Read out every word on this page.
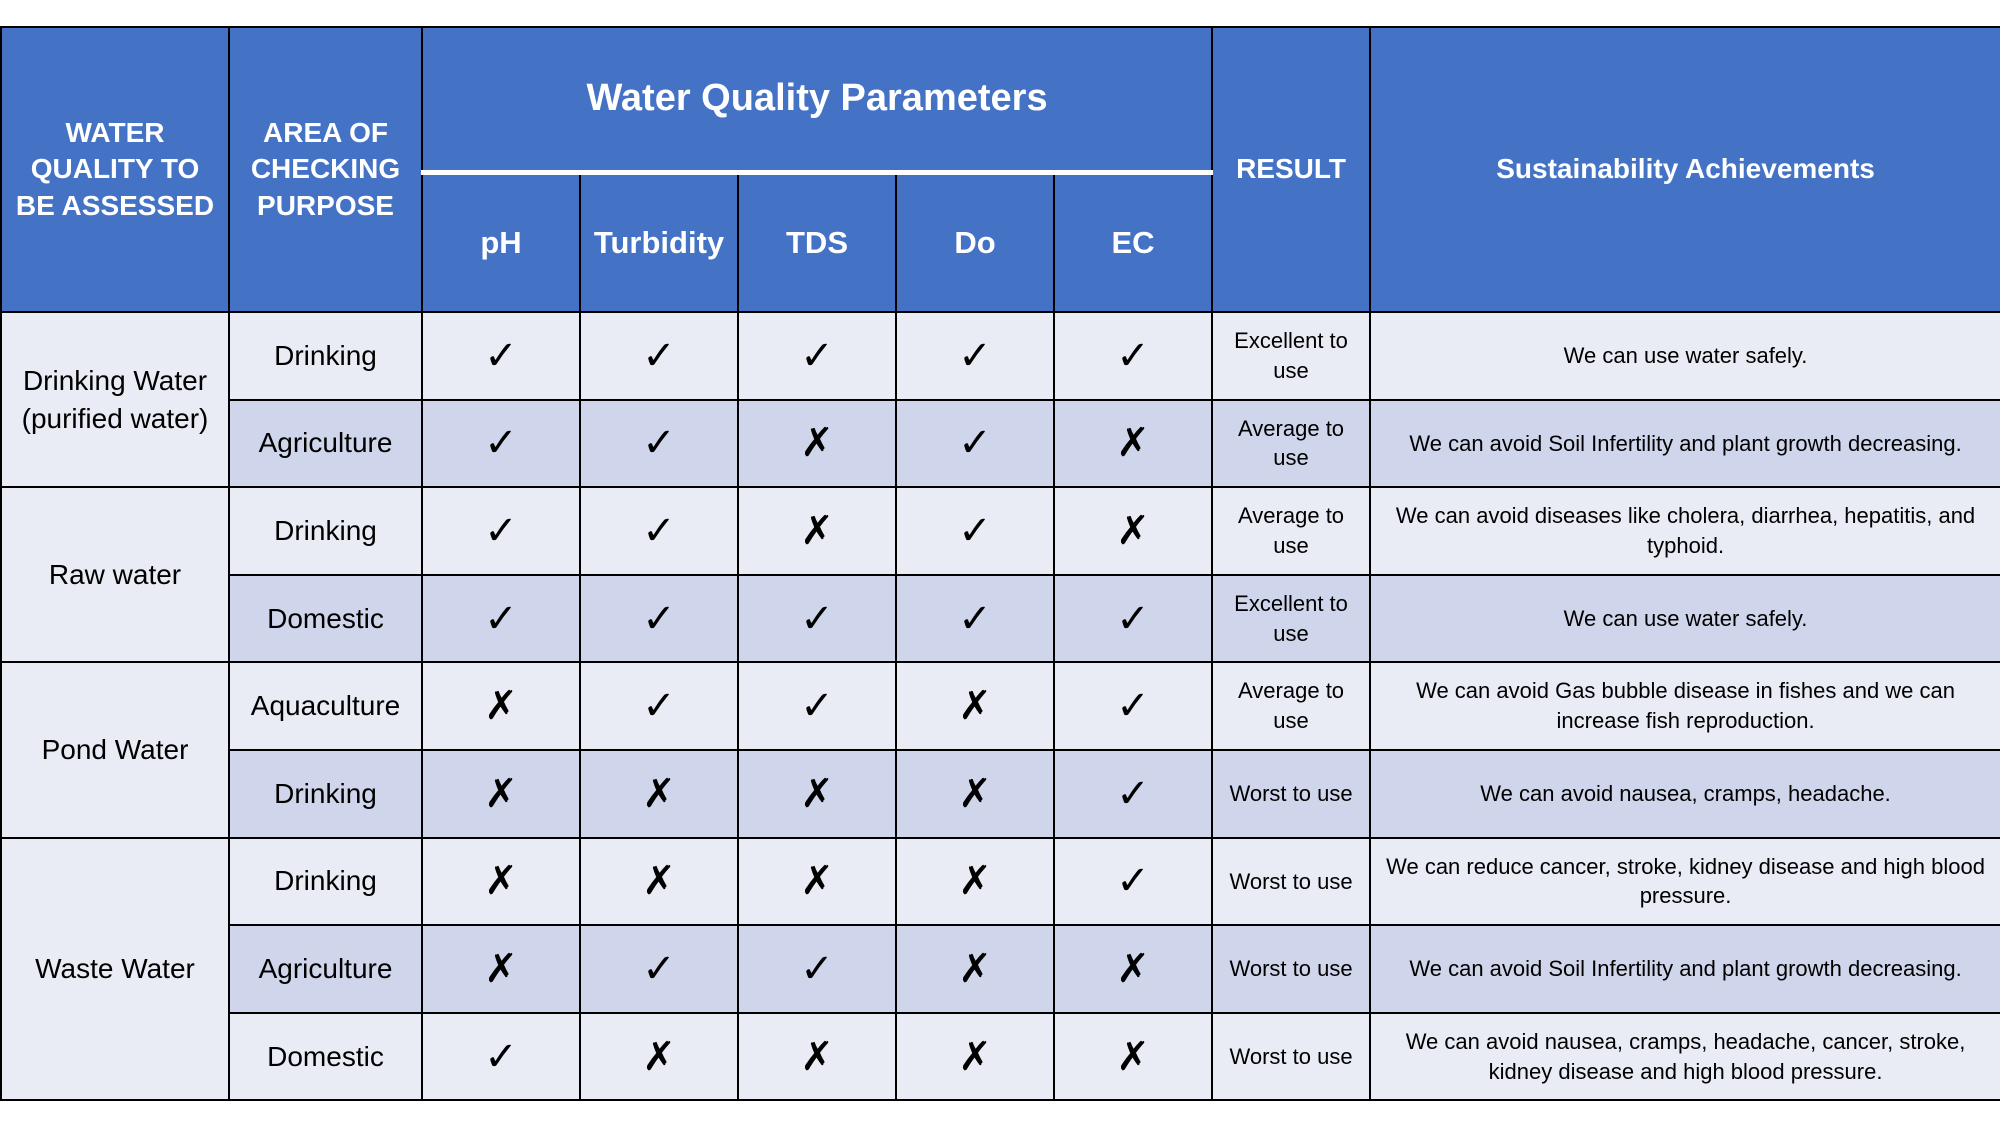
WATER QUALITY TO BE ASSESSED	AREA OF CHECKING PURPOSE	Water Quality Parameters					RESULT	Sustainability Achievements
		pH	Turbidity	TDS	Do	EC		
Drinking Water (purified water)	Drinking	✓	✓	✓	✓	✓	Excellent to use	We can use water safely.
	Agriculture	✓	✓	✗	✓	✗	Average to use	We can avoid Soil Infertility and plant growth decreasing.
Raw water	Drinking	✓	✓	✗	✓	✗	Average to use	We can avoid diseases like cholera, diarrhea, hepatitis, and typhoid.
	Domestic	✓	✓	✓	✓	✓	Excellent to use	We can use water safely.
Pond Water	Aquaculture	✗	✓	✓	✗	✓	Average to use	We can avoid Gas bubble disease in fishes and we can increase fish reproduction.
	Drinking	✗	✗	✗	✗	✓	Worst to use	We can avoid nausea, cramps, headache.
Waste Water	Drinking	✗	✗	✗	✗	✓	Worst to use	We can reduce cancer, stroke, kidney disease and high blood pressure.
	Agriculture	✗	✓	✓	✗	✗	Worst to use	We can avoid Soil Infertility and plant growth decreasing.
	Domestic	✓	✗	✗	✗	✗	Worst to use	We can avoid nausea, cramps, headache, cancer, stroke, kidney disease and high blood pressure.
